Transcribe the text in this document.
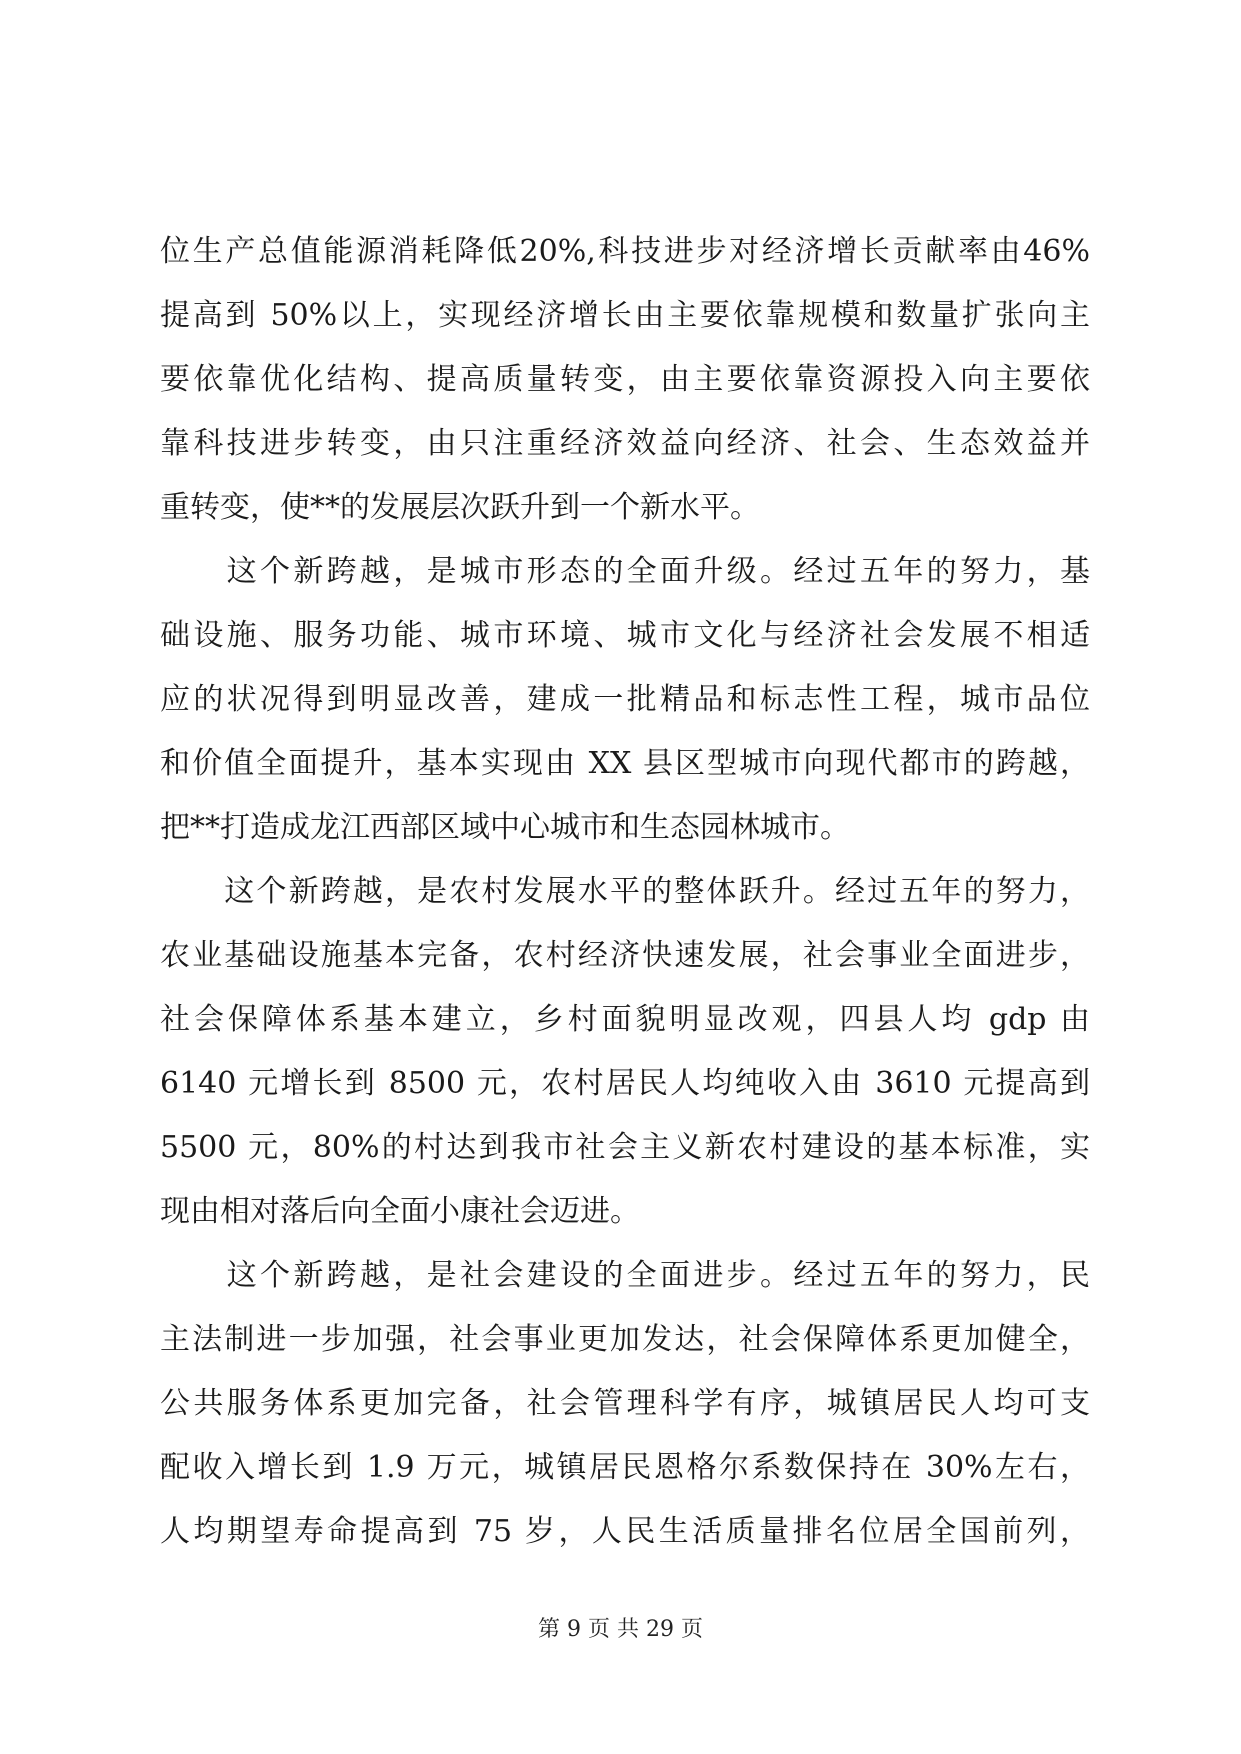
位生产总值能源消耗降低20%,科技进步对经济增长贡献率由46%
提高到 50%以上，实现经济增长由主要依靠规模和数量扩张向主
要依靠优化结构、提高质量转变，由主要依靠资源投入向主要依
靠科技进步转变，由只注重经济效益向经济、社会、生态效益并
重转变，使**的发展层次跃升到一个新水平。
　　这个新跨越，是城市形态的全面升级。经过五年的努力，基
础设施、服务功能、城市环境、城市文化与经济社会发展不相适
应的状况得到明显改善，建成一批精品和标志性工程，城市品位
和价值全面提升，基本实现由 XX 县区型城市向现代都市的跨越，
把**打造成龙江西部区域中心城市和生态园林城市。
　　这个新跨越，是农村发展水平的整体跃升。经过五年的努力，
农业基础设施基本完备，农村经济快速发展，社会事业全面进步，
社会保障体系基本建立，乡村面貌明显改观，四县人均 gdp 由
6140 元增长到 8500 元，农村居民人均纯收入由 3610 元提高到
5500 元，80%的村达到我市社会主义新农村建设的基本标准，实
现由相对落后向全面小康社会迈进。
　　这个新跨越，是社会建设的全面进步。经过五年的努力，民
主法制进一步加强，社会事业更加发达，社会保障体系更加健全，
公共服务体系更加完备，社会管理科学有序，城镇居民人均可支
配收入增长到 1.9 万元，城镇居民恩格尔系数保持在 30%左右，
人均期望寿命提高到 75 岁，人民生活质量排名位居全国前列，
第 9 页 共 29 页
